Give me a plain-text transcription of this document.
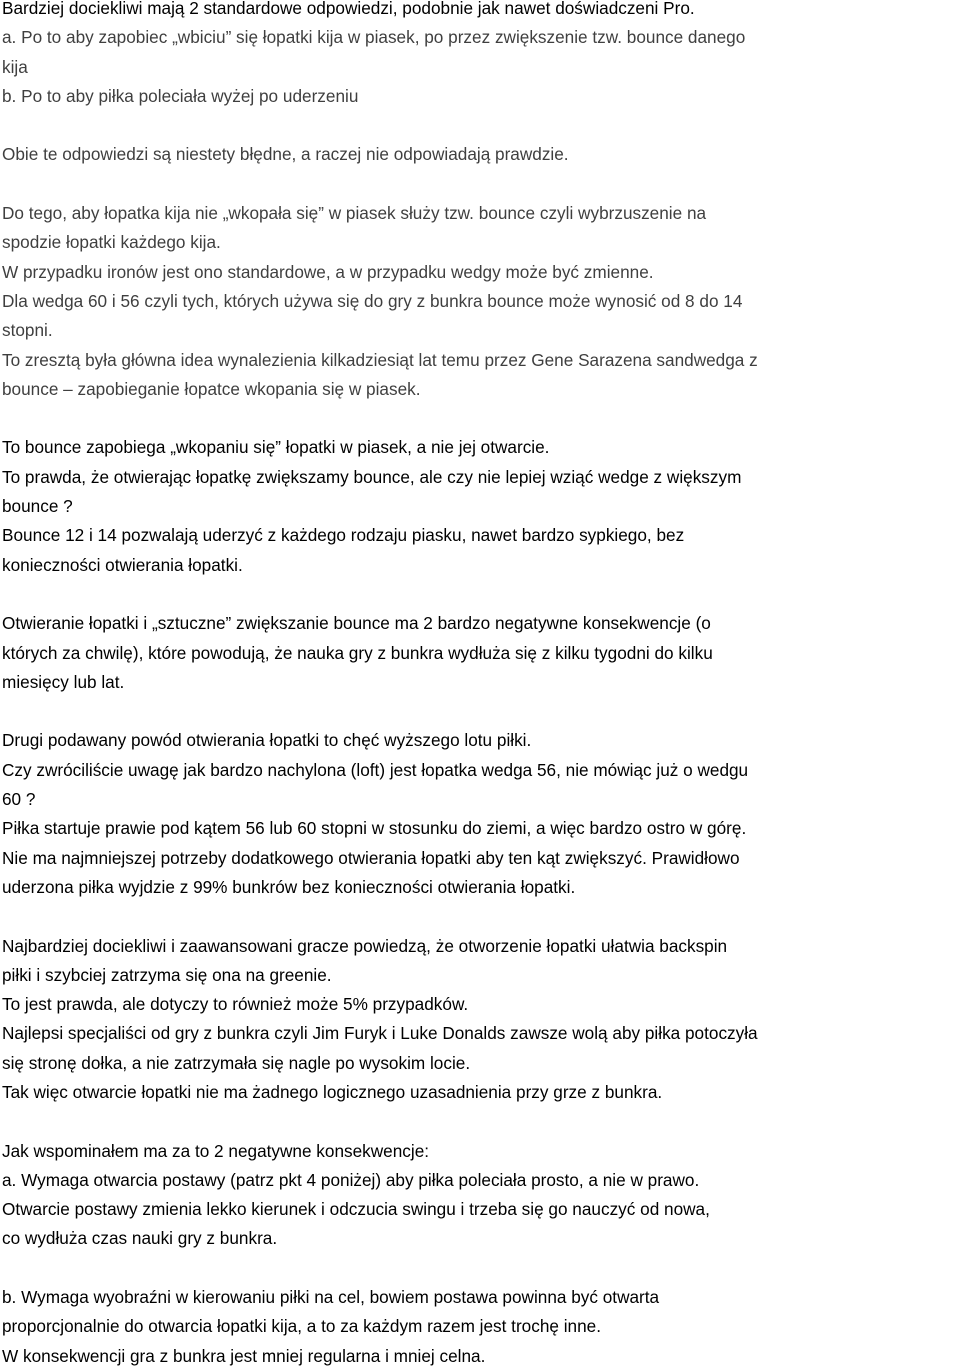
Bardziej dociekliwi mają 2 standardowe odpowiedzi, podobnie jak nawet doświadczeni Pro.
a. Po to aby zapobiec „wbiciu” się łopatki kija w piasek, po przez zwiększenie tzw. bounce danego
kija
b. Po to aby piłka poleciała wyżej po uderzeniu
Obie te odpowiedzi są niestety błędne, a raczej nie odpowiadają prawdzie.
Do tego, aby łopatka kija nie „wkopała się” w piasek służy tzw. bounce czyli wybrzuszenie na
spodzie łopatki każdego kija.
W przypadku ironów jest ono standardowe, a w przypadku wedgy może być zmienne.
Dla wedga 60 i 56 czyli tych, których używa się do gry z bunkra bounce może wynosić od 8 do 14
stopni.
To zresztą była główna idea wynalezienia kilkadziesiąt lat temu przez Gene Sarazena sandwedga z
bounce – zapobieganie łopatce wkopania się w piasek.
To bounce zapobiega „wkopaniu się” łopatki w piasek, a nie jej otwarcie.
To prawda, że otwierając łopatkę zwiększamy bounce, ale czy nie lepiej wziąć wedge z większym
bounce ?
Bounce 12 i 14 pozwalają uderzyć z każdego rodzaju piasku, nawet bardzo sypkiego, bez
konieczności otwierania łopatki.
Otwieranie łopatki i „sztuczne” zwiększanie bounce ma 2 bardzo negatywne konsekwencje (o
których za chwilę), które powodują, że nauka gry z bunkra wydłuża się z kilku tygodni do kilku
miesięcy lub lat.
Drugi podawany powód otwierania łopatki to chęć wyższego lotu piłki.
Czy zwróciliście uwagę jak bardzo nachylona (loft) jest łopatka wedga 56, nie mówiąc już o wedgu
60 ?
Piłka startuje prawie pod kątem 56 lub 60 stopni w stosunku do ziemi, a więc bardzo ostro w górę.
Nie ma najmniejszej potrzeby dodatkowego otwierania łopatki aby ten kąt zwiększyć. Prawidłowo
uderzona piłka wyjdzie z 99% bunkrów bez konieczności otwierania łopatki.
Najbardziej dociekliwi i zaawansowani gracze powiedzą, że otworzenie łopatki ułatwia backspin
piłki i szybciej zatrzyma się ona na greenie.
To jest prawda, ale dotyczy to również może 5% przypadków.
Najlepsi specjaliści od gry z bunkra czyli Jim Furyk i Luke Donalds zawsze wolą aby piłka potoczyła
się stronę dołka, a nie zatrzymała się nagle po wysokim locie.
Tak więc otwarcie łopatki nie ma żadnego logicznego uzasadnienia przy grze z bunkra.
Jak wspominałem ma za to 2 negatywne konsekwencje:
a. Wymaga otwarcia postawy (patrz pkt 4 poniżej) aby piłka poleciała prosto, a nie w prawo.
Otwarcie postawy zmienia lekko kierunek i odczucia swingu i trzeba się go nauczyć od nowa,
co wydłuża czas nauki gry z bunkra.
b. Wymaga wyobraźni w kierowaniu piłki na cel, bowiem postawa powinna być otwarta
proporcjonalnie do otwarcia łopatki kija, a to za każdym razem jest trochę inne.
W konsekwencji gra z bunkra jest mniej regularna i mniej celna.
